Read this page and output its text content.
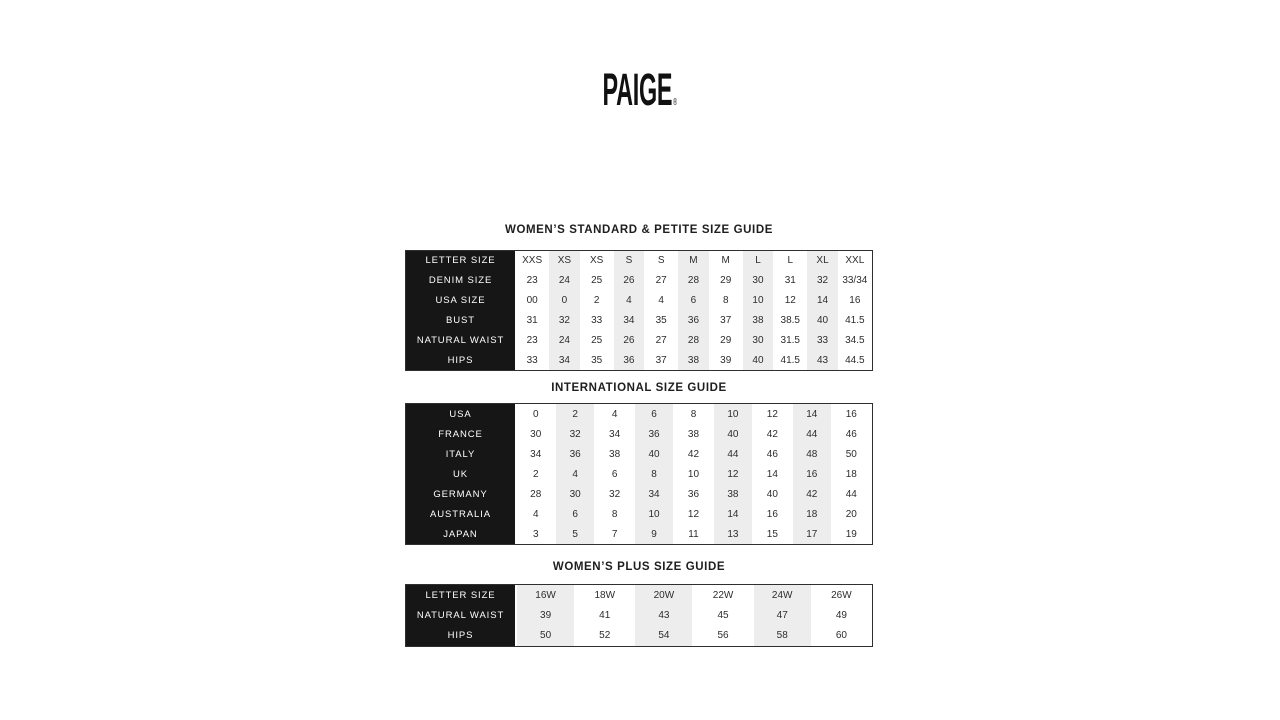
PAIGE®
WOMEN’S STANDARD & PETITE SIZE GUIDE
LETTER SIZE	XXS	XS	XS	S	S	M	M	L	L	XL	XXL
DENIM SIZE	23	24	25	26	27	28	29	30	31	32	33/34
USA SIZE	00	0	2	4	4	6	8	10	12	14	16
BUST	31	32	33	34	35	36	37	38	38.5	40	41.5
NATURAL WAIST	23	24	25	26	27	28	29	30	31.5	33	34.5
HIPS	33	34	35	36	37	38	39	40	41.5	43	44.5
INTERNATIONAL SIZE GUIDE
USA	0	2	4	6	8	10	12	14	16
FRANCE	30	32	34	36	38	40	42	44	46
ITALY	34	36	38	40	42	44	46	48	50
UK	2	4	6	8	10	12	14	16	18
GERMANY	28	30	32	34	36	38	40	42	44
AUSTRALIA	4	6	8	10	12	14	16	18	20
JAPAN	3	5	7	9	11	13	15	17	19
WOMEN’S PLUS SIZE GUIDE
LETTER SIZE	16W	18W	20W	22W	24W	26W
NATURAL WAIST	39	41	43	45	47	49
HIPS	50	52	54	56	58	60
